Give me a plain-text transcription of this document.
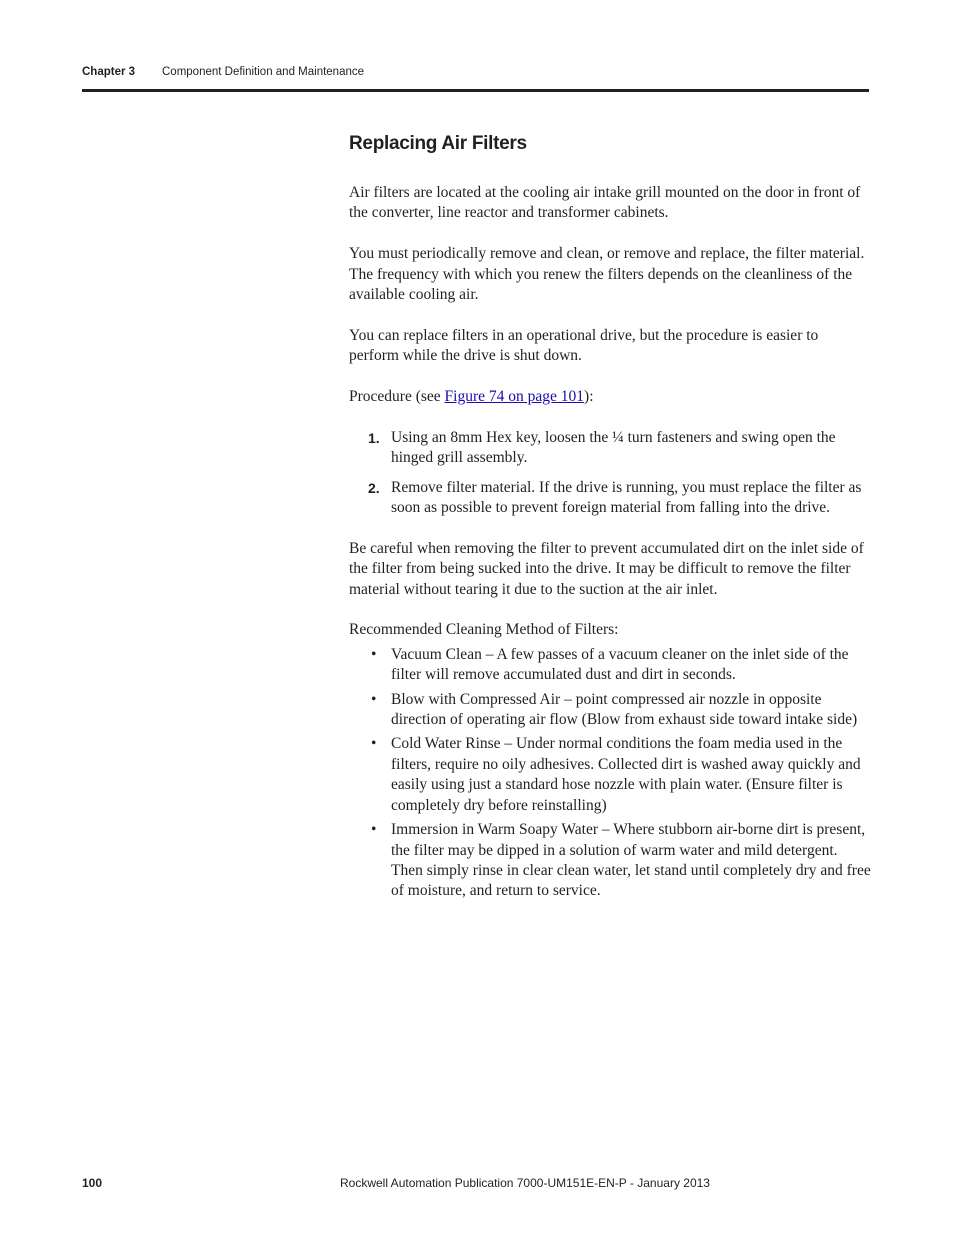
Chapter 3 Component Definition and Maintenance
Replacing Air Filters

Air filters are located at the cooling air intake grill mounted on the door in front of the converter, line reactor and transformer cabinets.

You must periodically remove and clean, or remove and replace, the filter material. The frequency with which you renew the filters depends on the cleanliness of the available cooling air.

You can replace filters in an operational drive, but the procedure is easier to perform while the drive is shut down.

Procedure (see Figure 74 on page 101):

1. Using an 8mm Hex key, loosen the ¼ turn fasteners and swing open the hinged grill assembly.
2. Remove filter material. If the drive is running, you must replace the filter as soon as possible to prevent foreign material from falling into the drive.

Be careful when removing the filter to prevent accumulated dirt on the inlet side of the filter from being sucked into the drive. It may be difficult to remove the filter material without tearing it due to the suction at the air inlet.

Recommended Cleaning Method of Filters:

• Vacuum Clean – A few passes of a vacuum cleaner on the inlet side of the filter will remove accumulated dust and dirt in seconds.
• Blow with Compressed Air – point compressed air nozzle in opposite direction of operating air flow (Blow from exhaust side toward intake side)
• Cold Water Rinse – Under normal conditions the foam media used in the filters, require no oily adhesives. Collected dirt is washed away quickly and easily using just a standard hose nozzle with plain water. (Ensure filter is completely dry before reinstalling)
• Immersion in Warm Soapy Water – Where stubborn air-borne dirt is present, the filter may be dipped in a solution of warm water and mild detergent. Then simply rinse in clear clean water, let stand until completely dry and free of moisture, and return to service.
100	Rockwell Automation Publication 7000-UM151E-EN-P - January 2013
